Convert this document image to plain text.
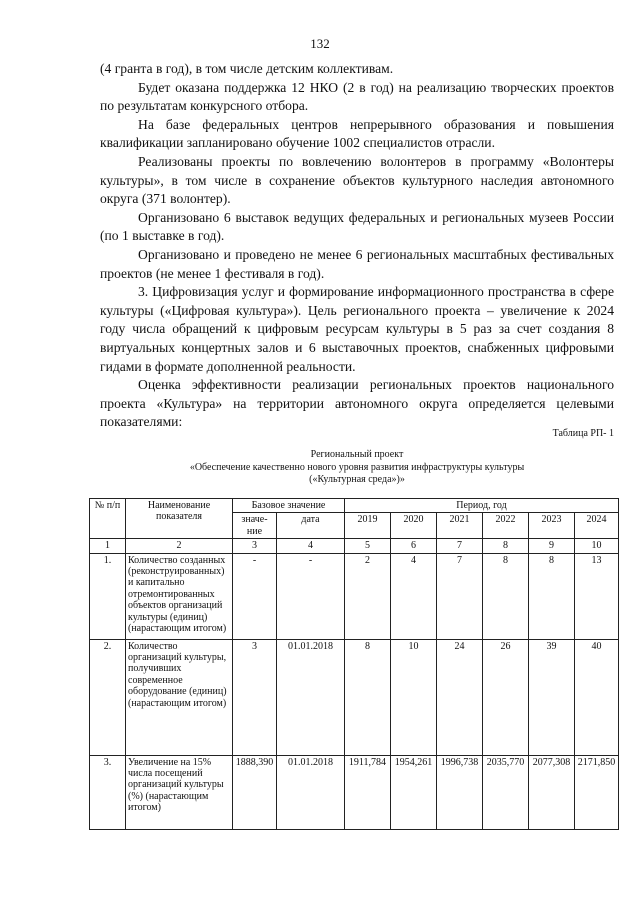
132

(4 гранта в год), в том числе детским коллективам.

Будет оказана поддержка 12 НКО (2 в год) на реализацию творческих проектов по результатам конкурсного отбора.

На базе федеральных центров непрерывного образования и повышения квалификации запланировано обучение 1002 специалистов отрасли.

Реализованы проекты по вовлечению волонтеров в программу «Волонтеры культуры», в том числе в сохранение объектов культурного наследия автономного округа (371 волонтер).

Организовано 6 выставок ведущих федеральных и региональных музеев России (по 1 выставке в год).

Организовано и проведено не менее 6 региональных масштабных фестивальных проектов (не менее 1 фестиваля в год).

3. Цифровизация услуг и формирование информационного пространства в сфере культуры («Цифровая культура»). Цель регионального проекта – увеличение к 2024 году числа обращений к цифровым ресурсам культуры в 5 раз за счет создания 8 виртуальных концертных залов и 6 выставочных проектов, снабженных цифровыми гидами в формате дополненной реальности.

Оценка эффективности реализации региональных проектов национального проекта «Культура» на территории автономного округа определяется целевыми показателями:

Таблица РП- 1
Региональный проект
«Обеспечение качественно нового уровня развития инфраструктуры культуры
(«Культурная среда»)»
№ п/п	Наименование показателя	Базовое значение		Период, год					
		значе-ние	дата	2019	2020	2021	2022	2023	2024
1	2	3	4	5	6	7	8	9	10
1.	Количество созданных (реконструированных) и капитально отремонтированных объектов организаций культуры (единиц) (нарастающим итогом)	-	-	2	4	7	8	8	13
2.	Количество организаций культуры, получивших современное оборудование (единиц) (нарастающим итогом)	3	01.01.2018	8	10	24	26	39	40
3.	Увеличение на 15% числа посещений организаций культуры (%) (нарастающим итогом)	1888,390	01.01.2018	1911,784	1954,261	1996,738	2035,770	2077,308	2171,850
